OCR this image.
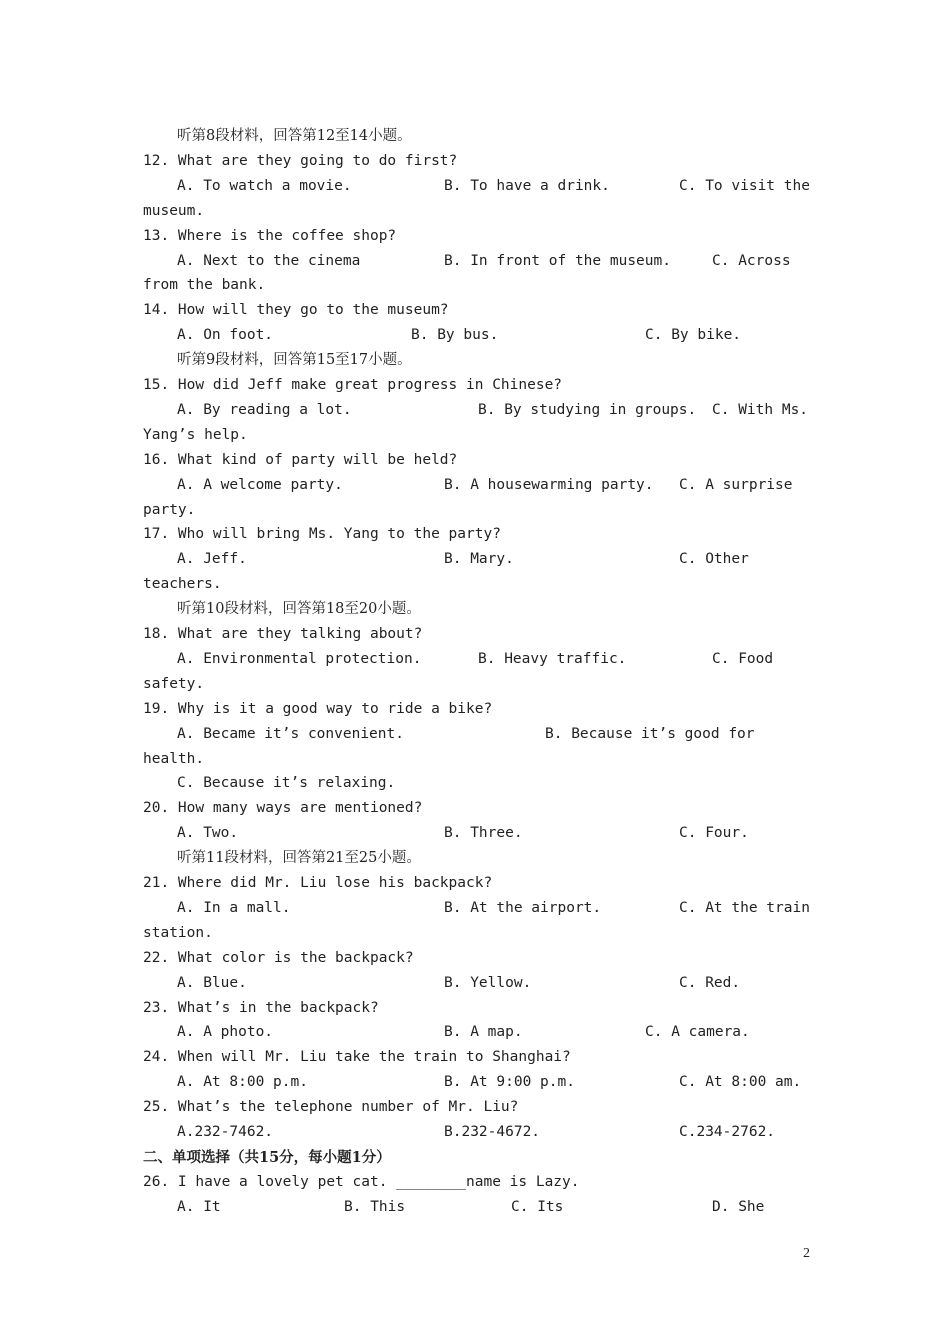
听第8段材料，回答第12至14小题。
12. What are they going to do first?
A. To watch a movie.	B. To have a drink.	C. To visit the
museum.
13. Where is the coffee shop?
A. Next to the cinema	B. In front of the museum.	C. Across
from the bank.
14. How will they go to the museum?
A. On foot.	B. By bus.	C. By bike.
听第9段材料，回答第15至17小题。
15. How did Jeff make great progress in Chinese?
A. By reading a lot.	B. By studying in groups. C. With Ms.
Yang’s help.
16. What kind of party will be held?
A. A welcome party.	B. A housewarming party. C. A surprise
party.
17. Who will bring Ms. Yang to the party?
A. Jeff.	B. Mary.	C. Other
teachers.
听第10段材料，回答第18至20小题。
18. What are they talking about?
A. Environmental protection.	B. Heavy traffic.	C. Food
safety.
19. Why is it a good way to ride a bike?
A. Became it’s convenient.	B. Because it’s good for
health.
C. Because it’s relaxing.
20. How many ways are mentioned?
A. Two.	B. Three.	C. Four.
听第11段材料，回答第21至25小题。
21. Where did Mr. Liu lose his backpack?
A. In a mall.	B. At the airport.	C. At the train
station.
22. What color is the backpack?
A. Blue.	B. Yellow.	C. Red.
23. What’s in the backpack?
A. A photo.	B. A map.	C. A camera.
24. When will Mr. Liu take the train to Shanghai?
A. At 8:00 p.m.	B. At 9:00 p.m.	C. At 8:00 am.
25. What’s the telephone number of Mr. Liu?
A.232-7462.	B.232-4672.	C.234-2762.
二、单项选择（共15分，每小题1分）
26. I have a lovely pet cat. ________name is Lazy.
A. It	B. This	C. Its	D. She
2
